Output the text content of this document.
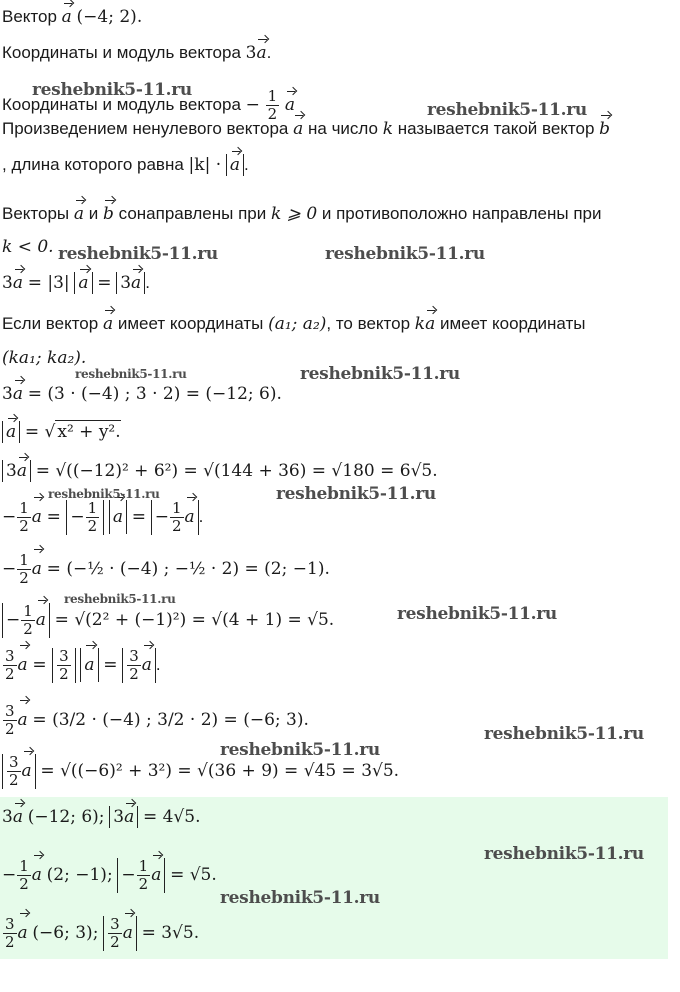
Вектор a (−4; 2).
Координаты и модуль вектора 3a.
Координаты и модуль вектора − $\frac{1}{2}$ a
Произведением ненулевого вектора a на число k называется такой вектор b
, длина которого равна |k| · a .
Векторы a и b сонаправлены при k ⩾ 0 и противоположно направлены при
k < 0.
3a = |3| a = 3a .
Если вектор a имеет координаты (a₁; a₂), то вектор ka имеет координаты
(ka₁; ka₂).
3a = (3 · (−4) ; 3 · 2) = (−12; 6).
a = √ x² + y².
3a = √((−12)² + 6²) = √(144 + 36) = √180 = 6√5.
− $\frac{1}{2}$ a = − $\frac{1}{2}$ a = − $\frac{1}{2}$ a .
− $\frac{1}{2}$ a = (−½ · (−4) ; −½ · 2) = (2; −1).
− $\frac{1}{2}$ a = √(2² + (−1)²) = √(4 + 1) = √5.
$\frac{3}{2}$ $a = \frac{3}{2}$ $a = \frac{3}{2}$ a .
$\frac{3}{2}$ a = (3/2 · (−4) ; 3/2 · 2) = (−6; 3).
$\frac{3}{2}$ a = √((−6)² + 3²) = √(36 + 9) = √45 = 3√5.
3a (−12; 6); 3a = 4√5.
− $\frac{1}{2}$ a (2; −1); − $\frac{1}{2}$ a = √5.
$\frac{3}{2}$ a (−6; 3); $\frac{3}{2}$ a = 3√5.
reshebnik5-11.ru
reshebnik5-11.ru
reshebnik5-11.ru	reshebnik5-11.ru
reshebnik5-11.ru	reshebnik5-11.ru
reshebnik5-11.ru	reshebnik5-11.ru
reshebnik5-11.ru
reshebnik5-11.ru
reshebnik5-11.ru
reshebnik5-11.ru
reshebnik5-11.ru
reshebnik5-11.ru
